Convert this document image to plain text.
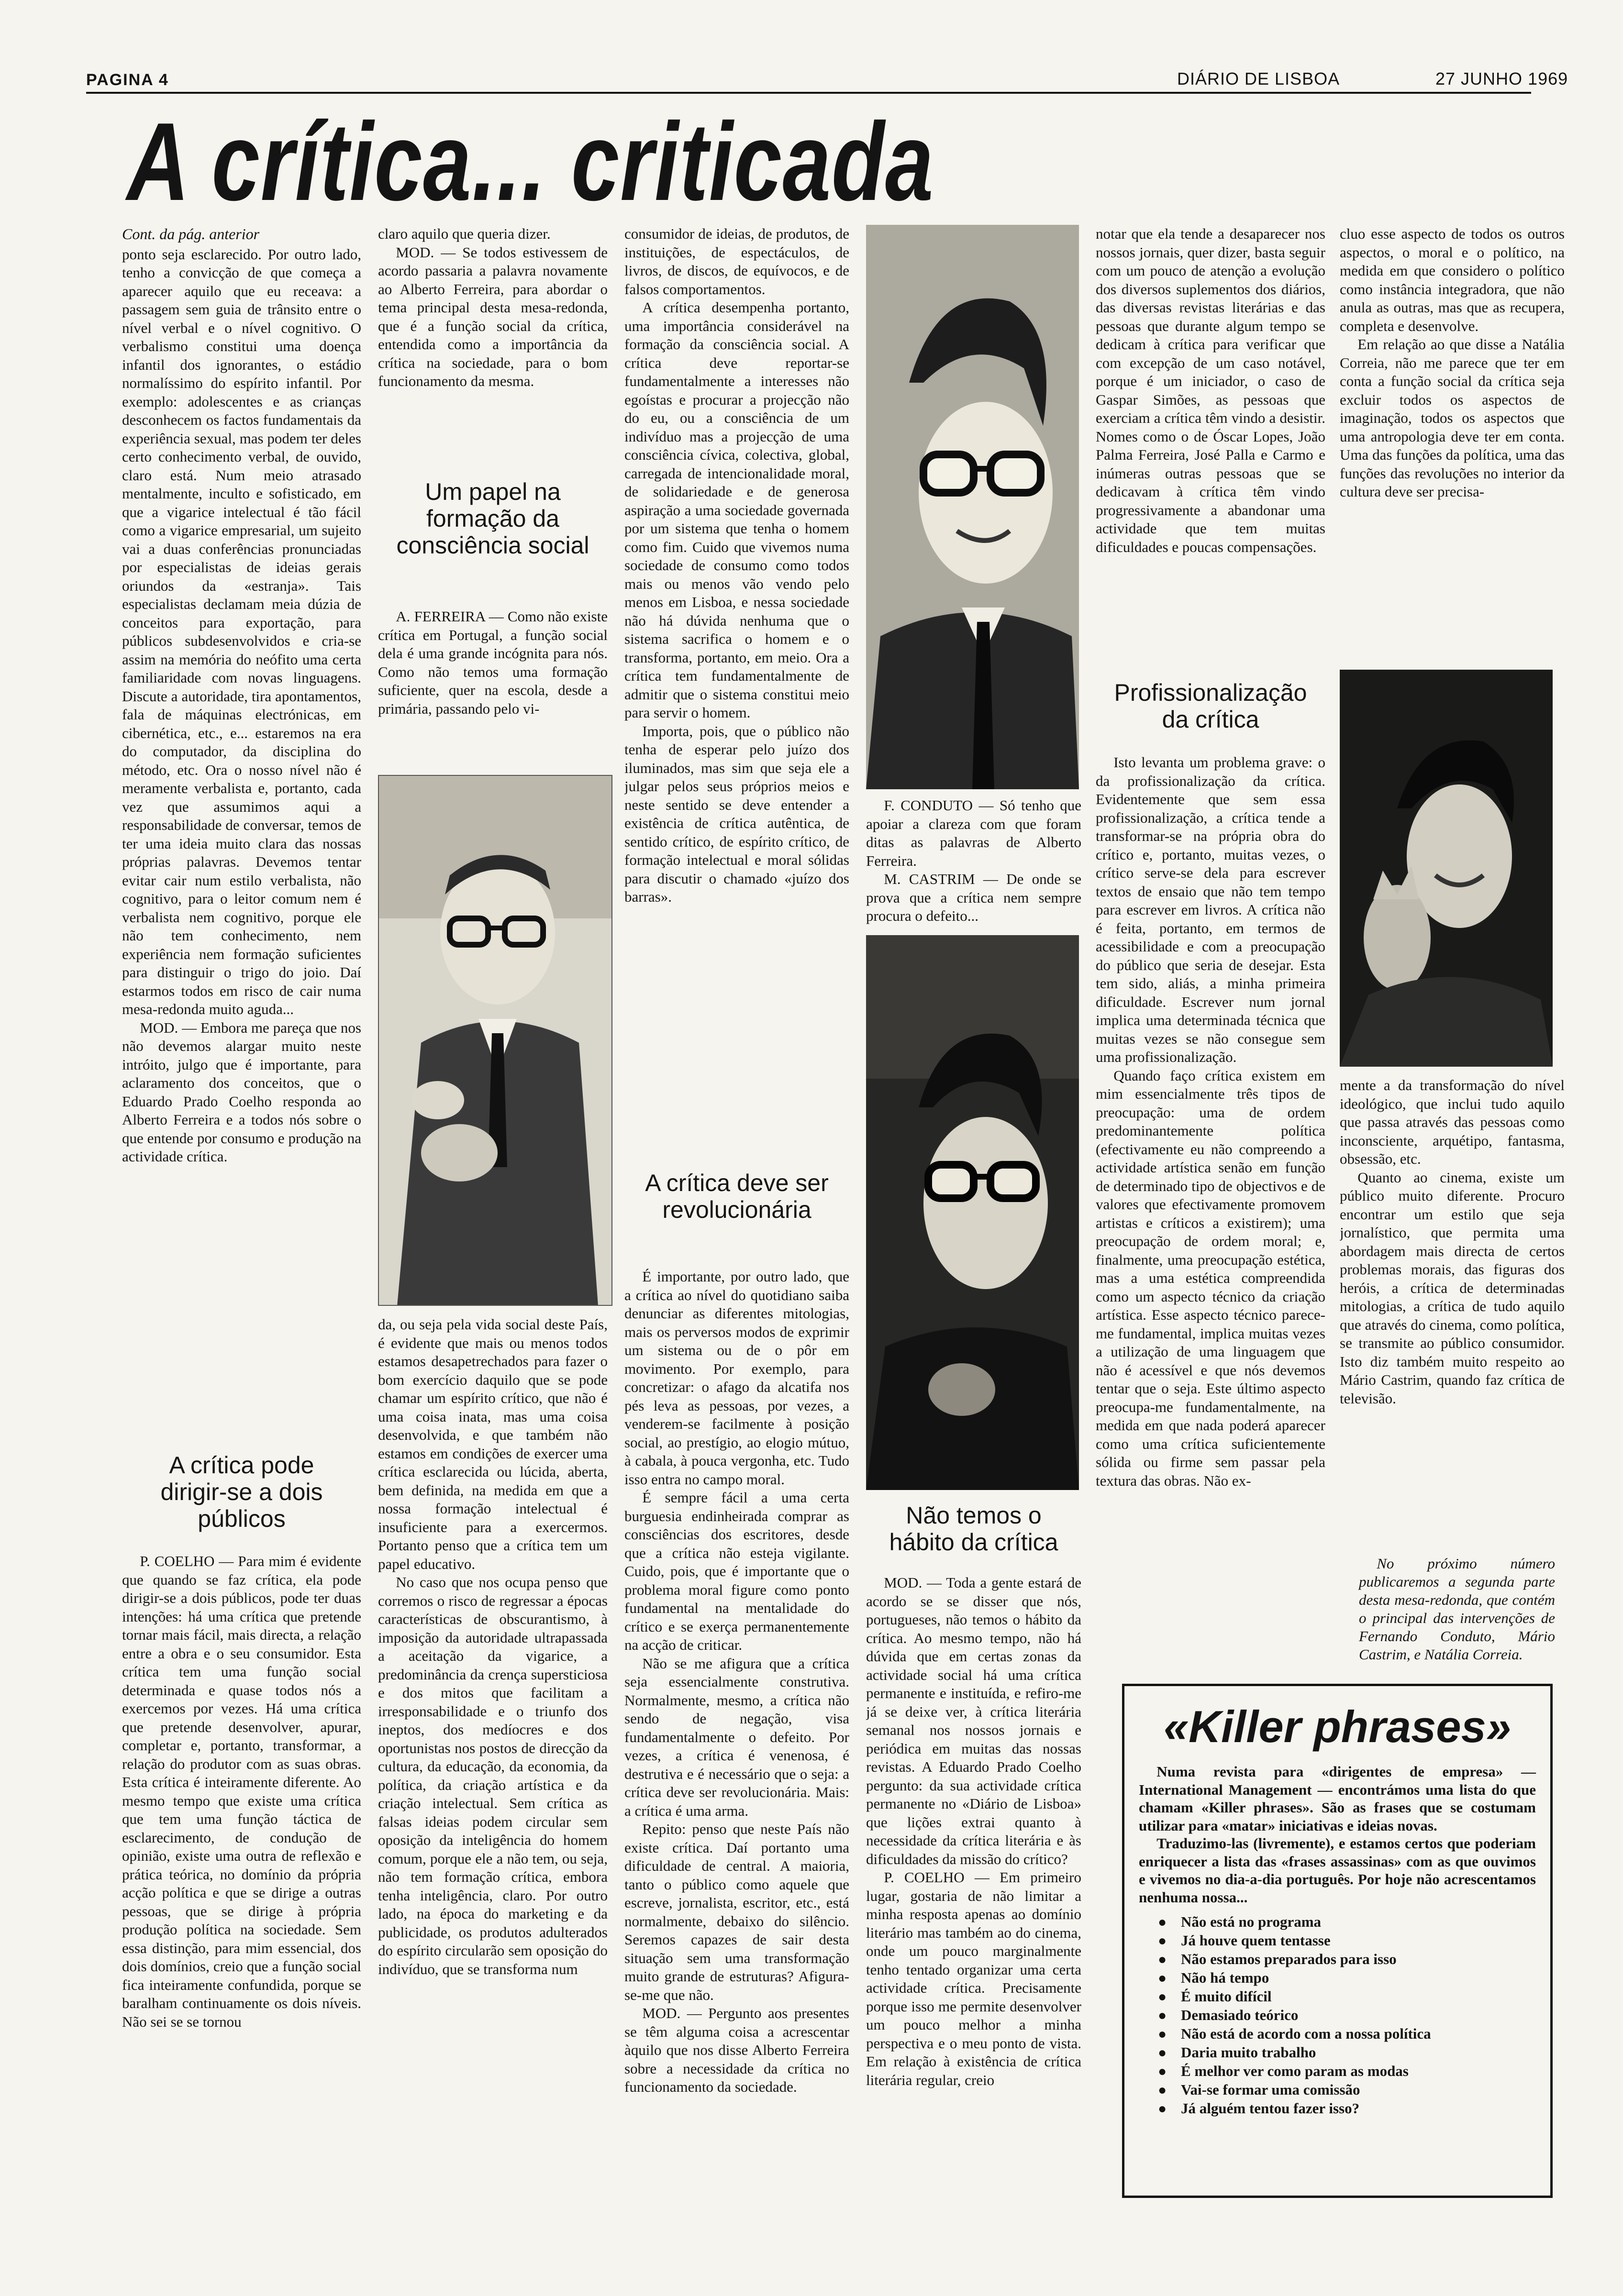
PAGINA 4	DIÁRIO DE LISBOA	27 JUNHO 1969
A crítica... criticada
Cont. da pág. anterior

ponto seja esclarecido. Por outro lado, tenho a convicção de que começa a aparecer aquilo que eu receava: a passagem sem guia de trânsito entre o nível verbal e o nível cognitivo. O verbalismo constitui uma doença infantil dos ignorantes, o estádio normalíssimo do espírito infantil. Por exemplo: adolescentes e as crianças desconhecem os factos fundamentais da experiência sexual, mas podem ter deles certo conhecimento verbal, de ouvido, claro está. Num meio atrasado mentalmente, inculto e sofisticado, em que a vigarice intelectual é tão fácil como a vigarice empresarial, um sujeito vai a duas conferências pronunciadas por especialistas de ideias gerais oriundos da «estranja». Tais especialistas declamam meia dúzia de conceitos para exportação, para públicos subdesenvolvidos e cria-se assim na memória do neófito uma certa familiaridade com novas linguagens. Discute a autoridade, tira apontamentos, fala de máquinas electrónicas, em cibernética, etc., e... estaremos na era do computador, da disciplina do método, etc. Ora o nosso nível não é meramente verbalista e, portanto, cada vez que assumimos aqui a responsabilidade de conversar, temos de ter uma ideia muito clara das nossas próprias palavras. Devemos tentar evitar cair num estilo verbalista, não cognitivo, para o leitor comum nem é verbalista nem cognitivo, porque ele não tem conhecimento, nem experiência nem formação suficientes para distinguir o trigo do joio. Daí estarmos todos em risco de cair numa mesa-redonda muito aguda...

MOD. — Embora me pareça que nos não devemos alargar muito neste intróito, julgo que é importante, para aclaramento dos conceitos, que o Eduardo Prado Coelho responda ao Alberto Ferreira e a todos nós sobre o que entende por consumo e produção na actividade crítica.

A crítica pode dirigir-se a dois públicos

P. COELHO — Para mim é evidente que quando se faz crítica, ela pode dirigir-se a dois públicos, pode ter duas intenções: há uma crítica que pretende tornar mais fácil, mais directa, a relação entre a obra e o seu consumidor. Esta crítica tem uma função social determinada e quase todos nós a exercemos por vezes. Há uma crítica que pretende desenvolver, apurar, completar e, portanto, transformar, a relação do produtor com as suas obras. Esta crítica é inteiramente diferente. Ao mesmo tempo que existe uma crítica que tem uma função táctica de esclarecimento, de condução de opinião, existe uma outra de reflexão e prática teórica, no domínio da própria acção política e que se dirige a outras pessoas, que se dirige à própria produção política na sociedade. Sem essa distinção, para mim essencial, dos dois domínios, creio que a função social fica inteiramente confundida, porque se baralham continuamente os dois níveis. Não sei se se tornou

claro aquilo que queria dizer.

MOD. — Se todos estivessem de acordo passaria a palavra novamente ao Alberto Ferreira, para abordar o tema principal desta mesa-redonda, que é a função social da crítica, entendida como a importância da crítica na sociedade, para o bom funcionamento da mesma.

Um papel na formação da consciência social

A. FERREIRA — Como não existe crítica em Portugal, a função social dela é uma grande incógnita para nós. Como não temos uma formação suficiente, quer na escola, desde a primária, passando pelo vi-

da, ou seja pela vida social deste País, é evidente que mais ou menos todos estamos desapetrechados para fazer o bom exercício daquilo que se pode chamar um espírito crítico, que não é uma coisa inata, mas uma coisa desenvolvida, e que também não estamos em condições de exercer uma crítica esclarecida ou lúcida, aberta, bem definida, na medida em que a nossa formação intelectual é insuficiente para a exercermos. Portanto penso que a crítica tem um papel educativo.

No caso que nos ocupa penso que corremos o risco de regressar a épocas características de obscurantismo, à imposição da autoridade ultrapassada a aceitação da vigarice, a predominância da crença supersticiosa e dos mitos que facilitam a irresponsabilidade e o triunfo dos ineptos, dos medíocres e dos oportunistas nos postos de direcção da cultura, da educação, da economia, da política, da criação artística e da criação intelectual. Sem crítica as falsas ideias podem circular sem oposição da inteligência do homem comum, porque ele a não tem, ou seja, não tem formação crítica, embora tenha inteligência, claro. Por outro lado, na época do marketing e da publicidade, os produtos adulterados do espírito circularão sem oposição do indivíduo, que se transforma num

consumidor de ideias, de produtos, de instituições, de espectáculos, de livros, de discos, de equívocos, e de falsos comportamentos.

A crítica desempenha portanto, uma importância considerável na formação da consciência social. A crítica deve reportar-se fundamentalmente a interesses não egoístas e procurar a projecção não do eu, ou a consciência de um indivíduo mas a projecção de uma consciência cívica, colectiva, global, carregada de intencionalidade moral, de solidariedade e de generosa aspiração a uma sociedade governada por um sistema que tenha o homem como fim. Cuido que vivemos numa sociedade de consumo como todos mais ou menos vão vendo pelo menos em Lisboa, e nessa sociedade não há dúvida nenhuma que o sistema sacrifica o homem e o transforma, portanto, em meio. Ora a crítica tem fundamentalmente de admitir que o sistema constitui meio para servir o homem.

Importa, pois, que o público não tenha de esperar pelo juízo dos iluminados, mas sim que seja ele a julgar pelos seus próprios meios e neste sentido se deve entender a existência de crítica autêntica, de sentido crítico, de espírito crítico, de formação intelectual e moral sólidas para discutir o chamado «juízo dos barras».

A crítica deve ser revolucionária

É importante, por outro lado, que a crítica ao nível do quotidiano saiba denunciar as diferentes mitologias, mais os perversos modos de exprimir um sistema ou de o pôr em movimento. Por exemplo, para concretizar: o afago da alcatifa nos pés leva as pessoas, por vezes, a venderem-se facilmente à posição social, ao prestígio, ao elogio mútuo, à cabala, à pouca vergonha, etc. Tudo isso entra no campo moral.

É sempre fácil a uma certa burguesia endinheirada comprar as consciências dos escritores, desde que a crítica não esteja vigilante. Cuido, pois, que é importante que o problema moral figure como ponto fundamental na mentalidade do crítico e se exerça permanentemente na acção de criticar.

Não se me afigura que a crítica seja essencialmente construtiva. Normalmente, mesmo, a crítica não sendo de negação, visa fundamentalmente o defeito. Por vezes, a crítica é venenosa, é destrutiva e é necessário que o seja: a crítica deve ser revolucionária. Mais: a crítica é uma arma.

Repito: penso que neste País não existe crítica. Daí portanto uma dificuldade de central. A maioria, tanto o público como aquele que escreve, jornalista, escritor, etc., está normalmente, debaixo do silêncio. Seremos capazes de sair desta situação sem uma transformação muito grande de estruturas? Afigura-se-me que não.

MOD. — Pergunto aos presentes se têm alguma coisa a acrescentar àquilo que nos disse Alberto Ferreira sobre a necessidade da crítica no funcionamento da sociedade.

F. CONDUTO — Só tenho que apoiar a clareza com que foram ditas as palavras de Alberto Ferreira.

M. CASTRIM — De onde se prova que a crítica nem sempre procura o defeito...

Não temos o hábito da crítica

MOD. — Toda a gente estará de acordo se se disser que nós, portugueses, não temos o hábito da crítica. Ao mesmo tempo, não há dúvida que em certas zonas da actividade social há uma crítica permanente e instituída, e refiro-me já se deixe ver, à crítica literária semanal nos nossos jornais e periódica em muitas das nossas revistas. A Eduardo Prado Coelho pergunto: da sua actividade crítica permanente no «Diário de Lisboa» que lições extrai quanto à necessidade da crítica literária e às dificuldades da missão do crítico?

P. COELHO — Em primeiro lugar, gostaria de não limitar a minha resposta apenas ao domínio literário mas também ao do cinema, onde um pouco marginalmente tenho tentado organizar uma certa actividade crítica. Precisamente porque isso me permite desenvolver um pouco melhor a minha perspectiva e o meu ponto de vista. Em relação à existência de crítica literária regular, creio

notar que ela tende a desaparecer nos nossos jornais, quer dizer, basta seguir com um pouco de atenção a evolução dos diversos suplementos dos diários, das diversas revistas literárias e das pessoas que durante algum tempo se dedicam à crítica para verificar que com excepção de um caso notável, porque é um iniciador, o caso de Gaspar Simões, as pessoas que exerciam a crítica têm vindo a desistir. Nomes como o de Óscar Lopes, João Palma Ferreira, José Palla e Carmo e inúmeras outras pessoas que se dedicavam à crítica têm vindo progressivamente a abandonar uma actividade que tem muitas dificuldades e poucas compensações.

Profissionalização da crítica

Isto levanta um problema grave: o da profissionalização da crítica. Evidentemente que sem essa profissionalização, a crítica tende a transformar-se na própria obra do crítico e, portanto, muitas vezes, o crítico serve-se dela para escrever textos de ensaio que não tem tempo para escrever em livros. A crítica não é feita, portanto, em termos de acessibilidade e com a preocupação do público que seria de desejar. Esta tem sido, aliás, a minha primeira dificuldade. Escrever num jornal implica uma determinada técnica que muitas vezes se não consegue sem uma profissionalização.

Quando faço crítica existem em mim essencialmente três tipos de preocupação: uma de ordem predominantemente política (efectivamente eu não compreendo a actividade artística senão em função de determinado tipo de objectivos e de valores que efectivamente promovem artistas e críticos a existirem); uma preocupação de ordem moral; e, finalmente, uma preocupação estética, mas a uma estética compreendida como um aspecto técnico da criação artística. Esse aspecto técnico parece-me fundamental, implica muitas vezes a utilização de uma linguagem que não é acessível e que nós devemos tentar que o seja. Este último aspecto preocupa-me fundamentalmente, na medida em que nada poderá aparecer como uma crítica suficientemente sólida ou firme sem passar pela textura das obras. Não ex-

cluo esse aspecto de todos os outros aspectos, o moral e o político, na medida em que considero o político como instância integradora, que não anula as outras, mas que as recupera, completa e desenvolve.

Em relação ao que disse a Natália Correia, não me parece que ter em conta a função social da crítica seja excluir todos os aspectos de imaginação, todos os aspectos que uma antropologia deve ter em conta. Uma das funções da política, uma das funções das revoluções no interior da cultura deve ser precisa-

mente a da transformação do nível ideológico, que inclui tudo aquilo que passa através das pessoas como inconsciente, arquétipo, fantasma, obsessão, etc.

Quanto ao cinema, existe um público muito diferente. Procuro encontrar um estilo que seja jornalístico, que permita uma abordagem mais directa de certos problemas morais, das figuras dos heróis, a crítica de determinadas mitologias, a crítica de tudo aquilo que através do cinema, como política, se transmite ao público consumidor. Isto diz também muito respeito ao Mário Castrim, quando faz crítica de televisão.

No próximo número publicaremos a segunda parte desta mesa-redonda, que contém o principal das intervenções de Fernando Conduto, Mário Castrim, e Natália Correia.

«Killer phrases»

Numa revista para «dirigentes de empresa» — International Management — encontrámos uma lista do que chamam «Killer phrases». São as frases que se costumam utilizar para «matar» iniciativas e ideias novas.

Traduzimo-las (livremente), e estamos certos que poderiam enriquecer a lista das «frases assassinas» com as que ouvimos e vivemos no dia-a-dia português. Por hoje não acrescentamos nenhuma nossa...

● Não está no programa
● Já houve quem tentasse
● Não estamos preparados para isso
● Não há tempo
● É muito difícil
● Demasiado teórico
● Não está de acordo com a nossa política
● Daria muito trabalho
● É melhor ver como param as modas
● Vai-se formar uma comissão
● Já alguém tentou fazer isso?
